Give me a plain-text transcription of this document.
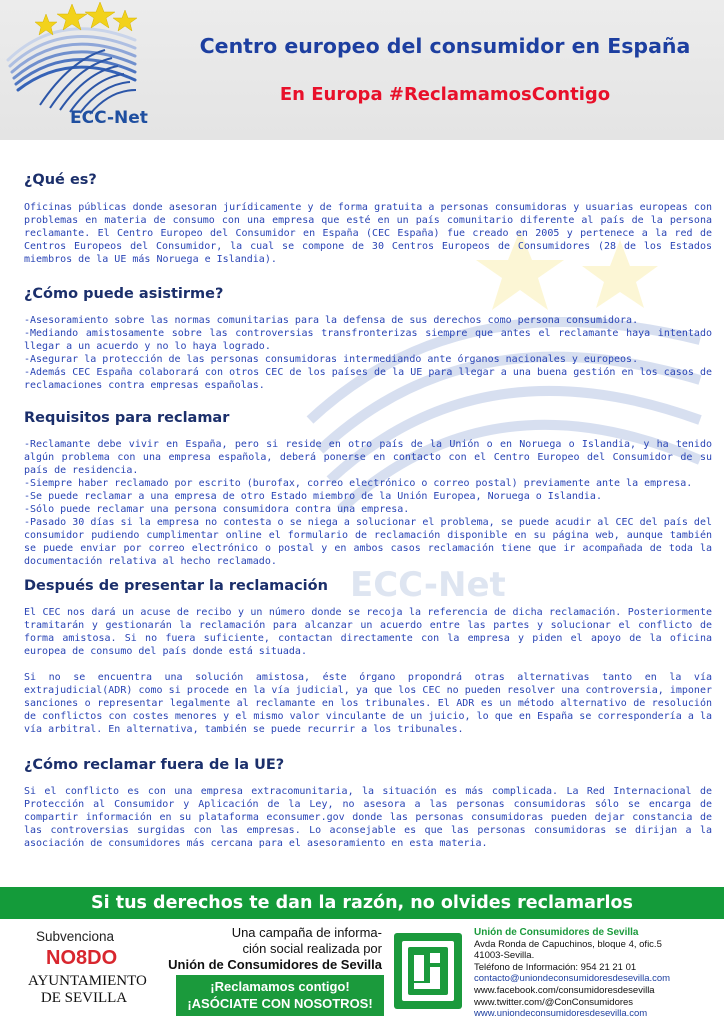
ECC-Net
Centro europeo del consumidor en España
En Europa #ReclamamosContigo
ECC-Net
¿Qué es?

Oficinas públicas donde asesoran jurídicamente y de forma gratuita a personas consumidoras y usuarias europeas con problemas en materia de consumo con una empresa que esté en un país comunitario diferente al país de la persona reclamante. El Centro Europeo del Consumidor en España (CEC España) fue creado en 2005 y pertenece a la red de Centros Europeos del Consumidor, la cual se compone de 30 Centros Europeos de Consumidores (28 de los Estados miembros de la UE más Noruega e Islandia).

¿Cómo puede asistirme?

-Asesoramiento sobre las normas comunitarias para la defensa de sus derechos como persona consumidora.

-Mediando amistosamente sobre las controversias transfronterizas siempre que antes el reclamante haya intentado llegar a un acuerdo y no lo haya logrado.

-Asegurar la protección de las personas consumidoras intermediando ante órganos nacionales y europeos.

-Además CEC España colaborará con otros CEC de los países de la UE para llegar a una buena gestión en los casos de reclamaciones contra empresas españolas.

Requisitos para reclamar

-Reclamante debe vivir en España, pero si reside en otro país de la Unión o en Noruega o Islandia, y ha tenido algún problema con una empresa española, deberá ponerse en contacto con el Centro Europeo del Consumidor de su país de residencia.

-Siempre haber reclamado por escrito (burofax, correo electrónico o correo postal) previamente ante la empresa.

-Se puede reclamar a una empresa de otro Estado miembro de la Unión Europea, Noruega o Islandia.

-Sólo puede reclamar una persona consumidora contra una empresa.

-Pasado 30 días si la empresa no contesta o se niega a solucionar el problema, se puede acudir al CEC del país del consumidor pudiendo cumplimentar online el formulario de reclamación disponible en su página web, aunque también se puede enviar por correo electrónico o postal y en ambos casos reclamación tiene que ir acompañada de toda la documentación relativa al hecho reclamado.

Después de presentar la reclamación

El CEC nos dará un acuse de recibo y un número donde se recoja la referencia de dicha reclamación. Posteriormente tramitarán y gestionarán la reclamación para alcanzar un acuerdo entre las partes y solucionar el conflicto de forma amistosa. Si no fuera suficiente, contactan directamente con la empresa y piden el apoyo de la oficina europea de consumo del país donde está situada.

Si no se encuentra una solución amistosa, éste órgano propondrá otras alternativas tanto en la vía extrajudicial(ADR) como si procede en la vía judicial, ya que los CEC no pueden resolver una controversia, imponer sanciones o representar legalmente al reclamante en los tribunales. El ADR es un método alternativo de resolución de conflictos con costes menores y el mismo valor vinculante de un juicio, lo que en España se correspondería a la vía arbitral. En alternativa, también se puede recurrir a los tribunales.

¿Cómo reclamar fuera de la UE?

Si el conflicto es con una empresa extracomunitaria, la situación es más complicada. La Red Internacional de Protección al Consumidor y Aplicación de la Ley, no asesora a las personas consumidoras sólo se encarga de compartir información en su plataforma econsumer.gov donde las personas consumidoras pueden dejar constancia de las controversias surgidas con las empresas. Lo aconsejable es que las personas consumidoras se dirijan a la asociación de consumidores más cercana para el asesoramiento en esta materia.

Si tus derechos te dan la razón, no olvides reclamarlos
Subvenciona
NO8DO
AYUNTAMIENTO
DE SEVILLA
Una campaña de informa-
ción social realizada por
Unión de Consumidores de Sevilla
¡Reclamamos contigo!
¡ASÓCIATE CON NOSOTROS!
Unión de Consumidores de Sevilla
Avda Ronda de Capuchinos, bloque 4, ofic.5
41003-Sevilla.
Teléfono de Información: 954 21 21 01
contacto@uniondeconsumidoresdesevilla.com
www.facebook.com/consumidoresdesevilla
www.twitter.com/@ConConsumidores
www.uniondeconsumidoresdesevilla.com
